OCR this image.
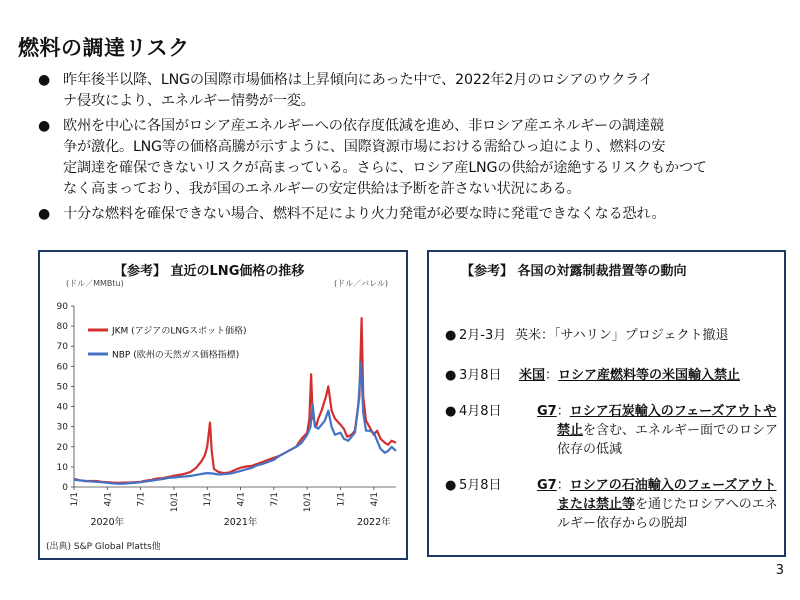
燃料の調達リスク
● 昨年後半以降、LNGの国際市場価格は上昇傾向にあった中で、2022年2月のロシアのウクライ
ナ侵攻により、エネルギー情勢が一変。
● 欧州を中心に各国がロシア産エネルギーへの依存度低減を進め、非ロシア産エネルギーの調達競
争が激化。LNG等の価格高騰が示すように、国際資源市場における需給ひっ迫により、燃料の安
定調達を確保できないリスクが高まっている。さらに、ロシア産LNGの供給が途絶するリスクもかつて
なく高まっており、我が国のエネルギーの安定供給は予断を許さない状況にある。
● 十分な燃料を確保できない場合、燃料不足により火力発電が必要な時に発電できなくなる恐れ。
【参考】 直近のLNG価格の推移
(ドル／MMBtu)	(ドル／バレル)
0
10
20
30
40
50
60
70
80
90
1/1	4/1	7/1	10/1	1/1	4/1	7/1	10/1	1/1	4/1
2020年	2021年	2022年
JKM (アジアのLNGスポット価格)
NBP (欧州の天然ガス価格指標)
(出典) S&P Global Platts他
【参考】 各国の対露制裁措置等の動向
● 2月-3月 英米：「サハリン」プロジェクト撤退
● 3月8日 米国：ロシア産燃料等の米国輸入禁止
● 4月8日	G7：ロシア石炭輸入のフェーズアウトや
禁止を含む、エネルギー面でのロシア
依存の低減
● 5月8日	G7：ロシアの石油輸入のフェーズアウト
または禁止等を通じたロシアへのエネ
ルギー依存からの脱却
3
